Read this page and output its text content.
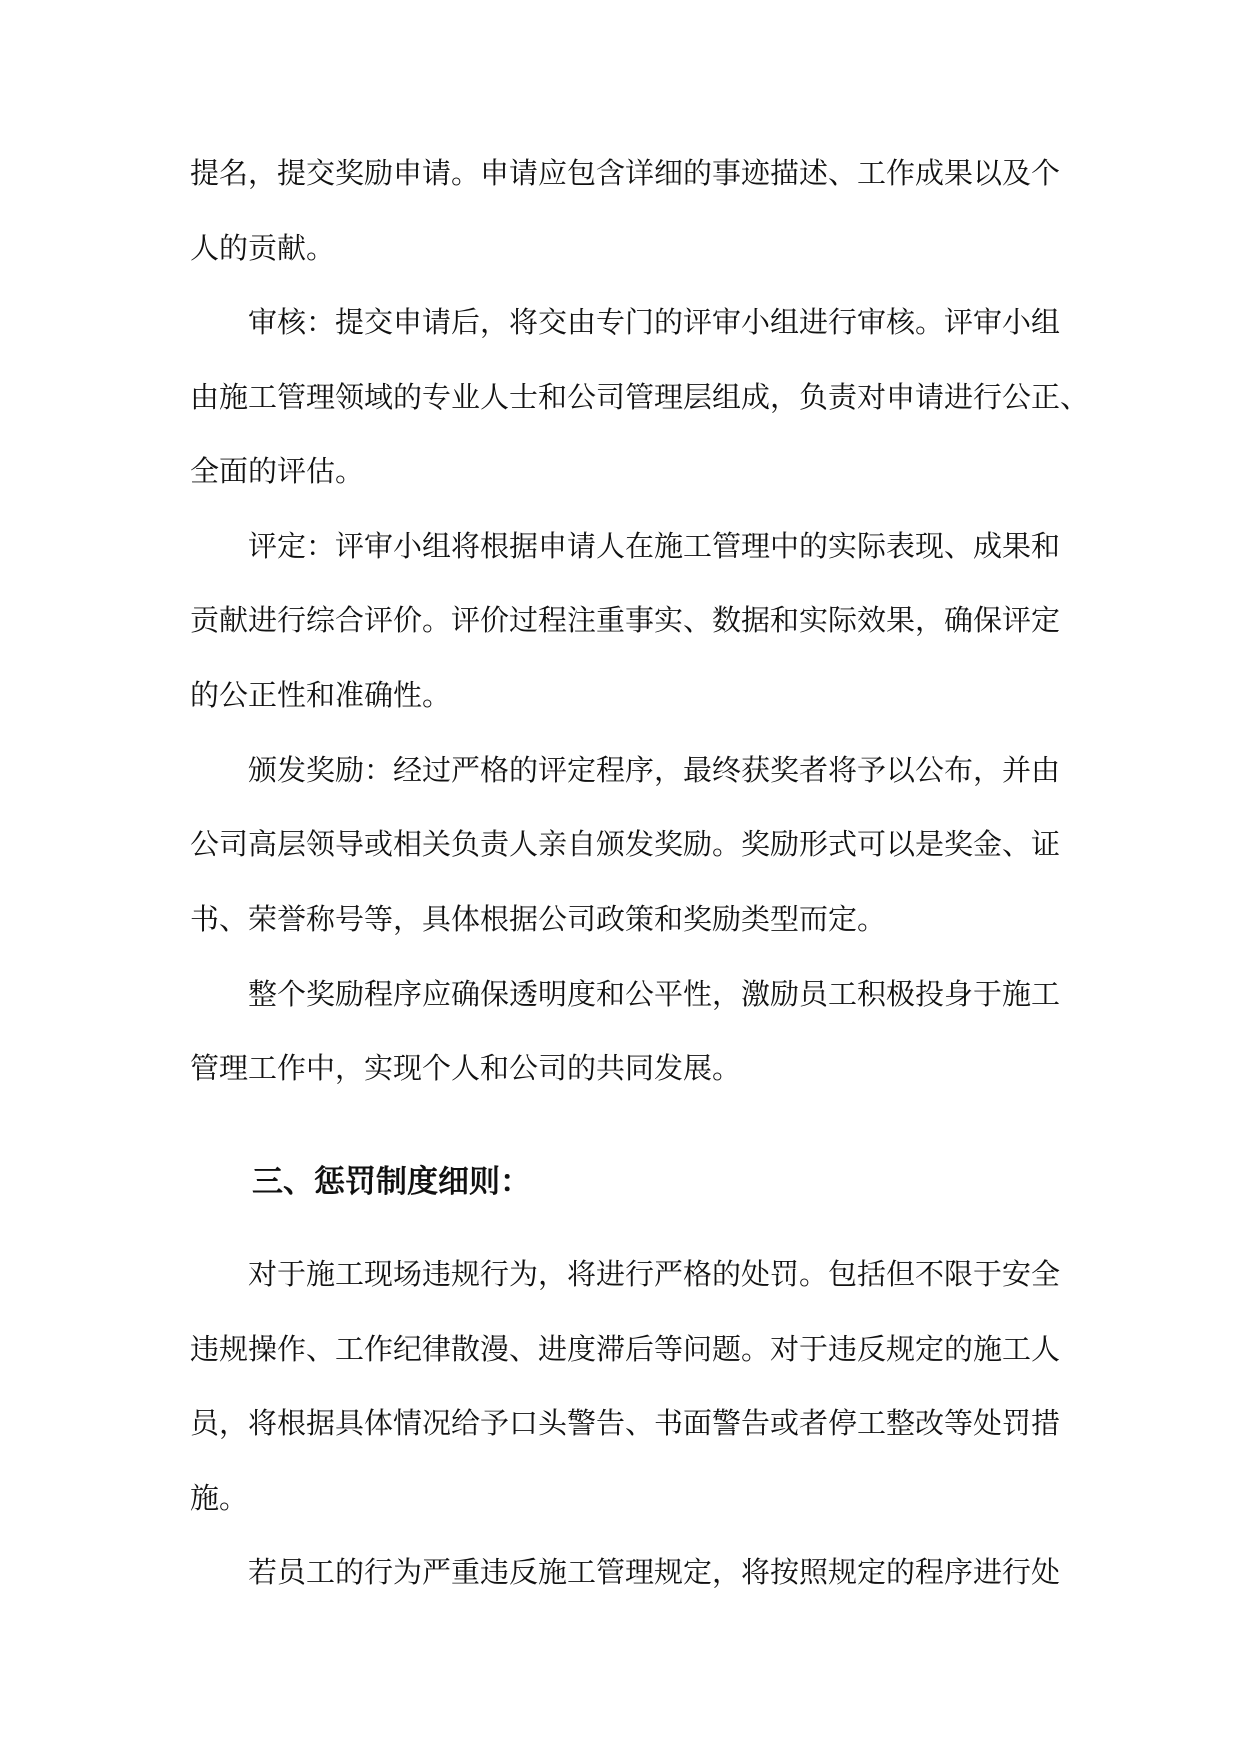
提名，提交奖励申请。申请应包含详细的事迹描述、工作成果以及个
人的贡献。
审核：提交申请后，将交由专门的评审小组进行审核。评审小组
由施工管理领域的专业人士和公司管理层组成，负责对申请进行公正、
全面的评估。
评定：评审小组将根据申请人在施工管理中的实际表现、成果和
贡献进行综合评价。评价过程注重事实、数据和实际效果，确保评定
的公正性和准确性。
颁发奖励：经过严格的评定程序，最终获奖者将予以公布，并由
公司高层领导或相关负责人亲自颁发奖励。奖励形式可以是奖金、证
书、荣誉称号等，具体根据公司政策和奖励类型而定。
整个奖励程序应确保透明度和公平性，激励员工积极投身于施工
管理工作中，实现个人和公司的共同发展。
三、惩罚制度细则：
对于施工现场违规行为，将进行严格的处罚。包括但不限于安全
违规操作、工作纪律散漫、进度滞后等问题。对于违反规定的施工人
员，将根据具体情况给予口头警告、书面警告或者停工整改等处罚措
施。
若员工的行为严重违反施工管理规定，将按照规定的程序进行处
